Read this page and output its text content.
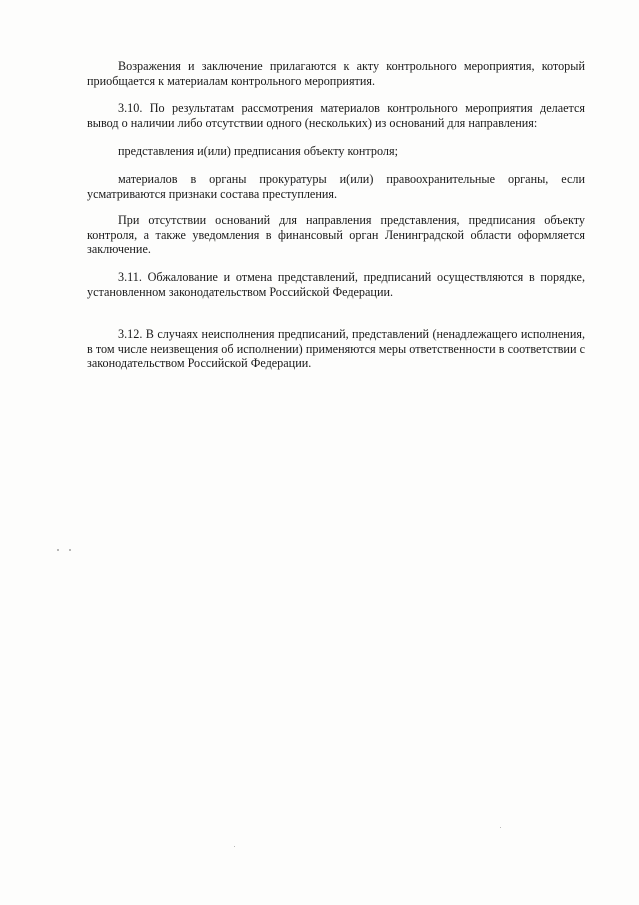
Возражения и заключение прилагаются к акту контрольного мероприятия, который приобщается к материалам контрольного мероприятия.

3.10. По результатам рассмотрения материалов контрольного мероприятия делается вывод о наличии либо отсутствии одного (нескольких) из оснований для направления:

представления и(или) предписания объекту контроля;

материалов в органы прокуратуры и(или) правоохранительные органы, если усматриваются признаки состава преступления.

При отсутствии оснований для направления представления, предписания объекту контроля, а также уведомления в финансовый орган Ленинградской области оформляется заключение.

3.11. Обжалование и отмена представлений, предписаний осуществляются в порядке, установленном законодательством Российской Федерации.

3.12. В случаях неисполнения предписаний, представлений (ненадлежащего исполнения, в том числе неизвещения об исполнении) применяются меры ответственности в соответствии с законодательством Российской Федерации.
